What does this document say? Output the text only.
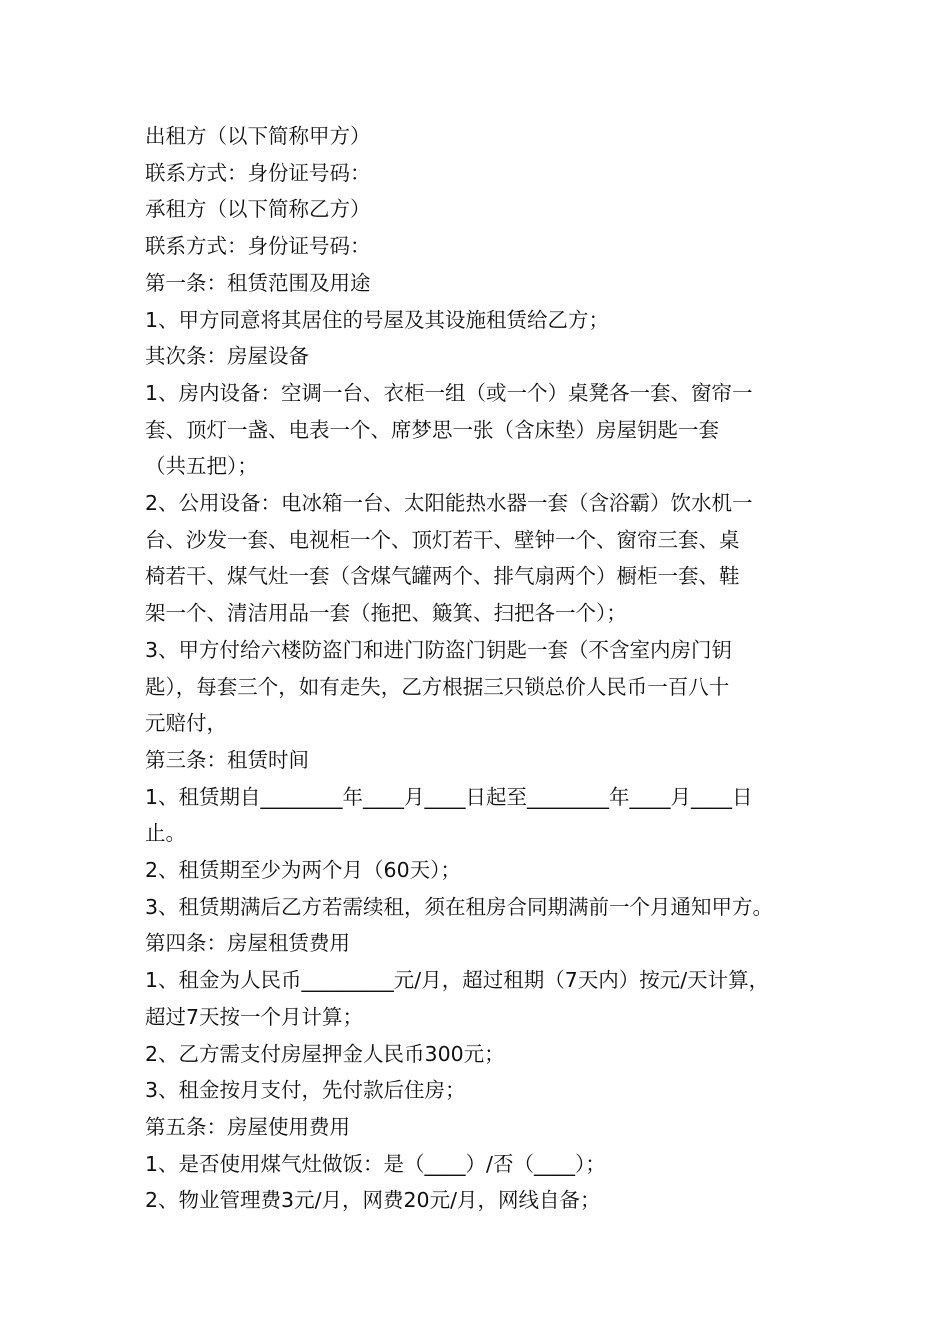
出租方（以下简称甲方）
联系方式：身份证号码：
承租方（以下简称乙方）
联系方式：身份证号码：
第一条：租赁范围及用途
1、甲方同意将其居住的号屋及其设施租赁给乙方；
其次条：房屋设备
1、房内设备：空调一台、衣柜一组（或一个）桌凳各一套、窗帘一
套、顶灯一盏、电表一个、席梦思一张（含床垫）房屋钥匙一套
（共五把）；
2、公用设备：电冰箱一台、太阳能热水器一套（含浴霸）饮水机一
台、沙发一套、电视柜一个、顶灯若干、壁钟一个、窗帘三套、桌
椅若干、煤气灶一套（含煤气罐两个、排气扇两个）橱柜一套、鞋
架一个、清洁用品一套（拖把、簸箕、扫把各一个）；
3、甲方付给六楼防盗门和进门防盗门钥匙一套（不含室内房门钥
匙），每套三个，如有走失，乙方根据三只锁总价人民币一百八十
元赔付，
第三条：租赁时间
1、租赁期自________年____月____日起至________年____月____日
止。
2、租赁期至少为两个月（60天）；
3、租赁期满后乙方若需续租，须在租房合同期满前一个月通知甲方。
第四条：房屋租赁费用
1、租金为人民币_________元/月，超过租期（7天内）按元/天计算，
超过7天按一个月计算；
2、乙方需支付房屋押金人民币300元；
3、租金按月支付，先付款后住房；
第五条：房屋使用费用
1、是否使用煤气灶做饭：是（____）/否（____）；
2、物业管理费3元/月，网费20元/月，网线自备；
